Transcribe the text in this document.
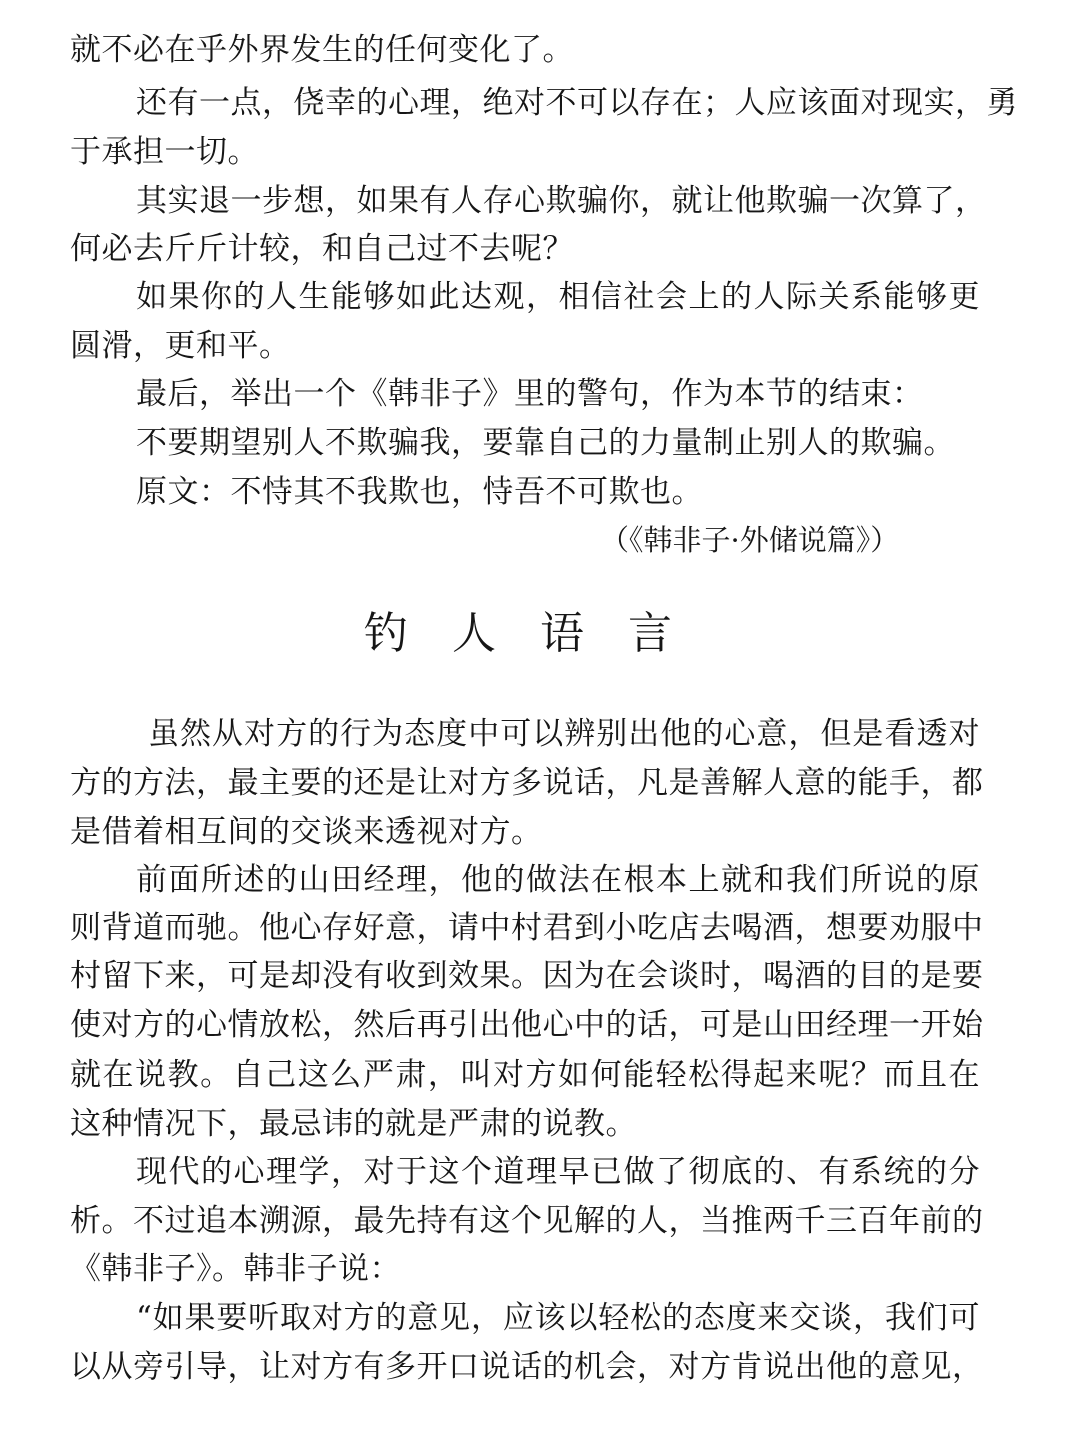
就不必在乎外界发生的任何变化了。
还有一点，侥幸的心理，绝对不可以存在；人应该面对现实，勇
于承担一切。
其实退一步想，如果有人存心欺骗你，就让他欺骗一次算了，
何必去斤斤计较，和自己过不去呢？
如果你的人生能够如此达观，相信社会上的人际关系能够更
圆滑，更和平。
最后，举出一个《韩非子》里的警句，作为本节的结束：
不要期望别人不欺骗我，要靠自己的力量制止别人的欺骗。
原文：不恃其不我欺也，恃吾不可欺也。
（《韩非子·外储说篇》）
钓人语言
虽然从对方的行为态度中可以辨别出他的心意，但是看透对
方的方法，最主要的还是让对方多说话，凡是善解人意的能手，都
是借着相互间的交谈来透视对方。
前面所述的山田经理，他的做法在根本上就和我们所说的原
则背道而驰。他心存好意，请中村君到小吃店去喝酒，想要劝服中
村留下来，可是却没有收到效果。因为在会谈时，喝酒的目的是要
使对方的心情放松，然后再引出他心中的话，可是山田经理一开始
就在说教。自己这么严肃，叫对方如何能轻松得起来呢？而且在
这种情况下，最忌讳的就是严肃的说教。
现代的心理学，对于这个道理早已做了彻底的、有系统的分
析。不过追本溯源，最先持有这个见解的人，当推两千三百年前的
《韩非子》。韩非子说：
“如果要听取对方的意见，应该以轻松的态度来交谈，我们可
以从旁引导，让对方有多开口说话的机会，对方肯说出他的意见，
